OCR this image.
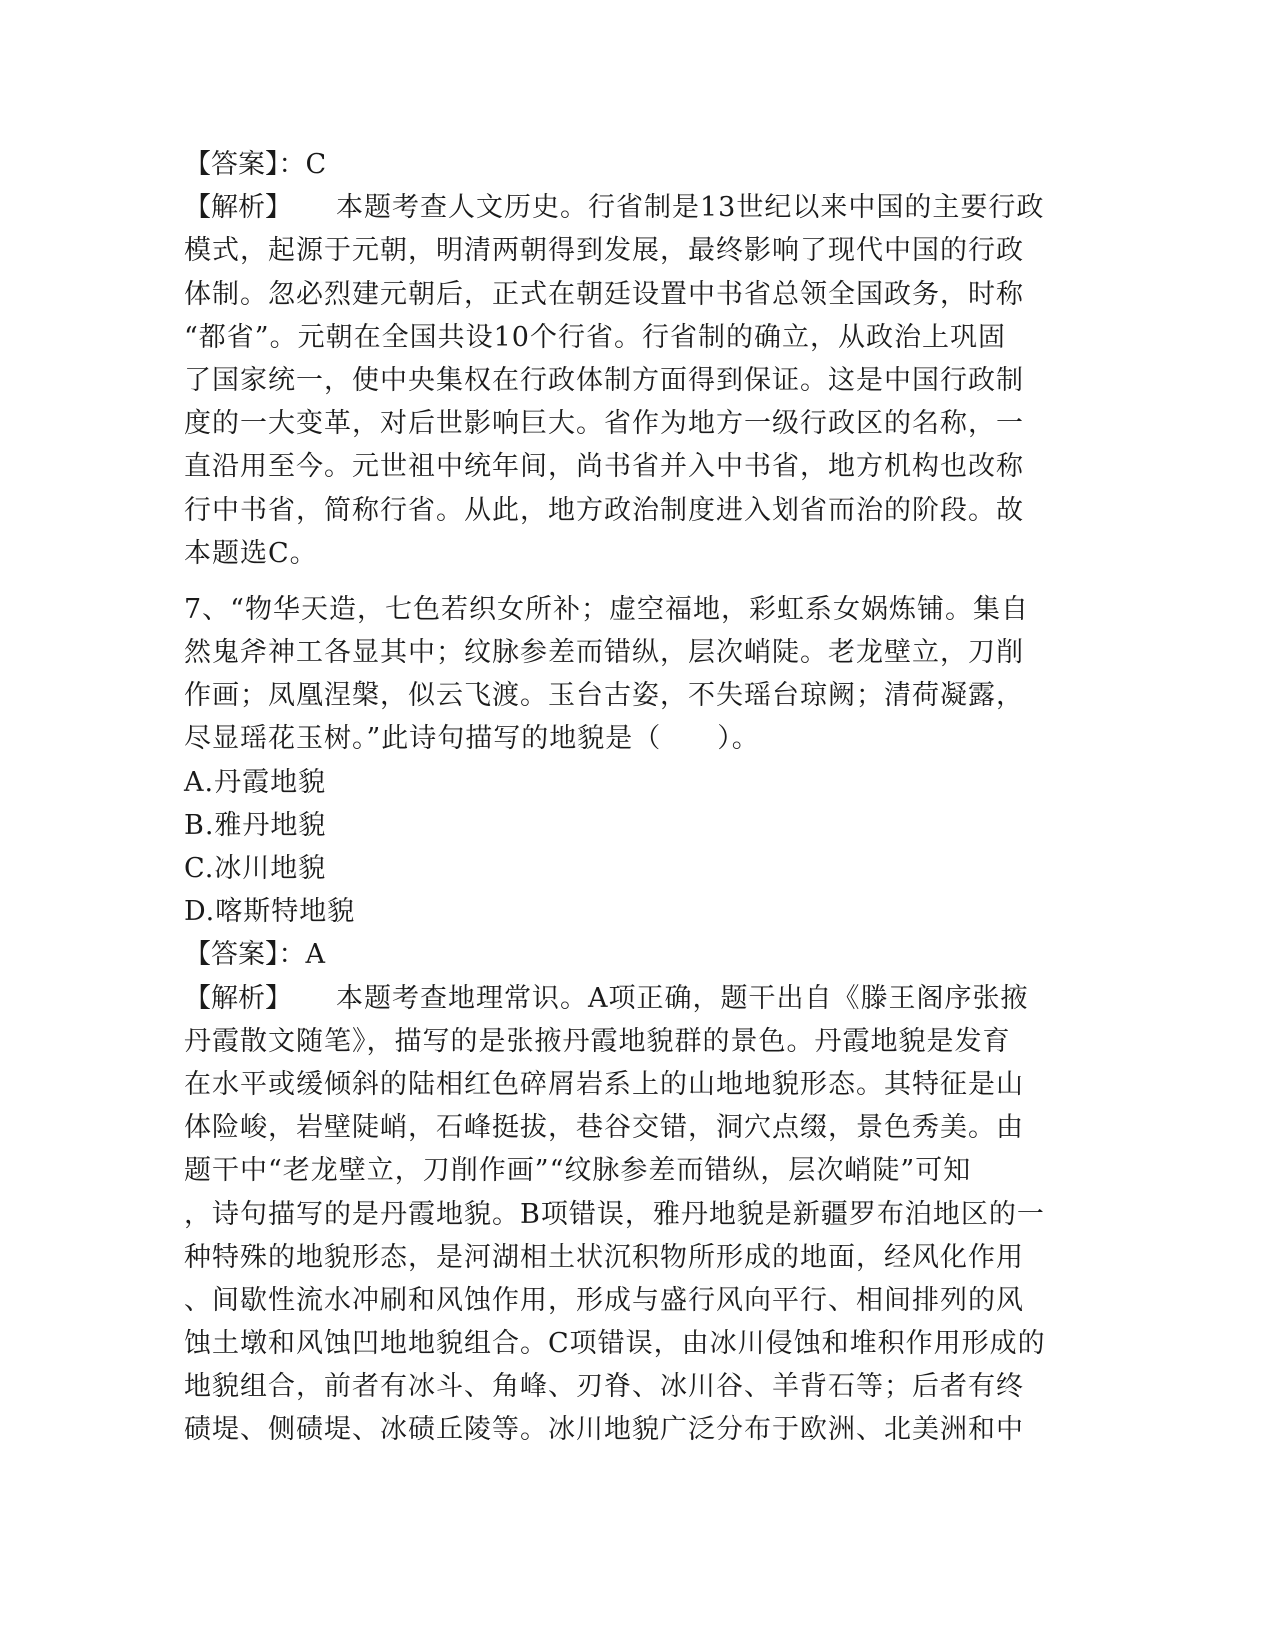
【答案】：C
【解析】 本题考查人文历史。行省制是13世纪以来中国的主要行政
模式，起源于元朝，明清两朝得到发展，最终影响了现代中国的行政
体制。忽必烈建元朝后，正式在朝廷设置中书省总领全国政务，时称
“都省”。元朝在全国共设10个行省。行省制的确立，从政治上巩固
了国家统一，使中央集权在行政体制方面得到保证。这是中国行政制
度的一大变革，对后世影响巨大。省作为地方一级行政区的名称，一
直沿用至今。元世祖中统年间，尚书省并入中书省，地方机构也改称
行中书省，简称行省。从此，地方政治制度进入划省而治的阶段。故
本题选C。
7、“物华天造，七色若织女所补；虚空福地，彩虹系女娲炼铺。集自
然鬼斧神工各显其中；纹脉参差而错纵，层次峭陡。老龙壁立，刀削
作画；凤凰涅槃，似云飞渡。玉台古姿，不失瑶台琼阙；清荷凝露，
尽显瑶花玉树。”此诗句描写的地貌是（　　）。
A.丹霞地貌
B.雅丹地貌
C.冰川地貌
D.喀斯特地貌
【答案】：A
【解析】 本题考查地理常识。A项正确，题干出自《滕王阁序张掖
丹霞散文随笔》，描写的是张掖丹霞地貌群的景色。丹霞地貌是发育
在水平或缓倾斜的陆相红色碎屑岩系上的山地地貌形态。其特征是山
体险峻，岩壁陡峭，石峰挺拔，巷谷交错，洞穴点缀，景色秀美。由
题干中“老龙壁立，刀削作画”“纹脉参差而错纵，层次峭陡”可知
，诗句描写的是丹霞地貌。B项错误，雅丹地貌是新疆罗布泊地区的一
种特殊的地貌形态，是河湖相土状沉积物所形成的地面，经风化作用
、间歇性流水冲刷和风蚀作用，形成与盛行风向平行、相间排列的风
蚀土墩和风蚀凹地地貌组合。C项错误，由冰川侵蚀和堆积作用形成的
地貌组合，前者有冰斗、角峰、刃脊、冰川谷、羊背石等；后者有终
碛堤、侧碛堤、冰碛丘陵等。冰川地貌广泛分布于欧洲、北美洲和中
